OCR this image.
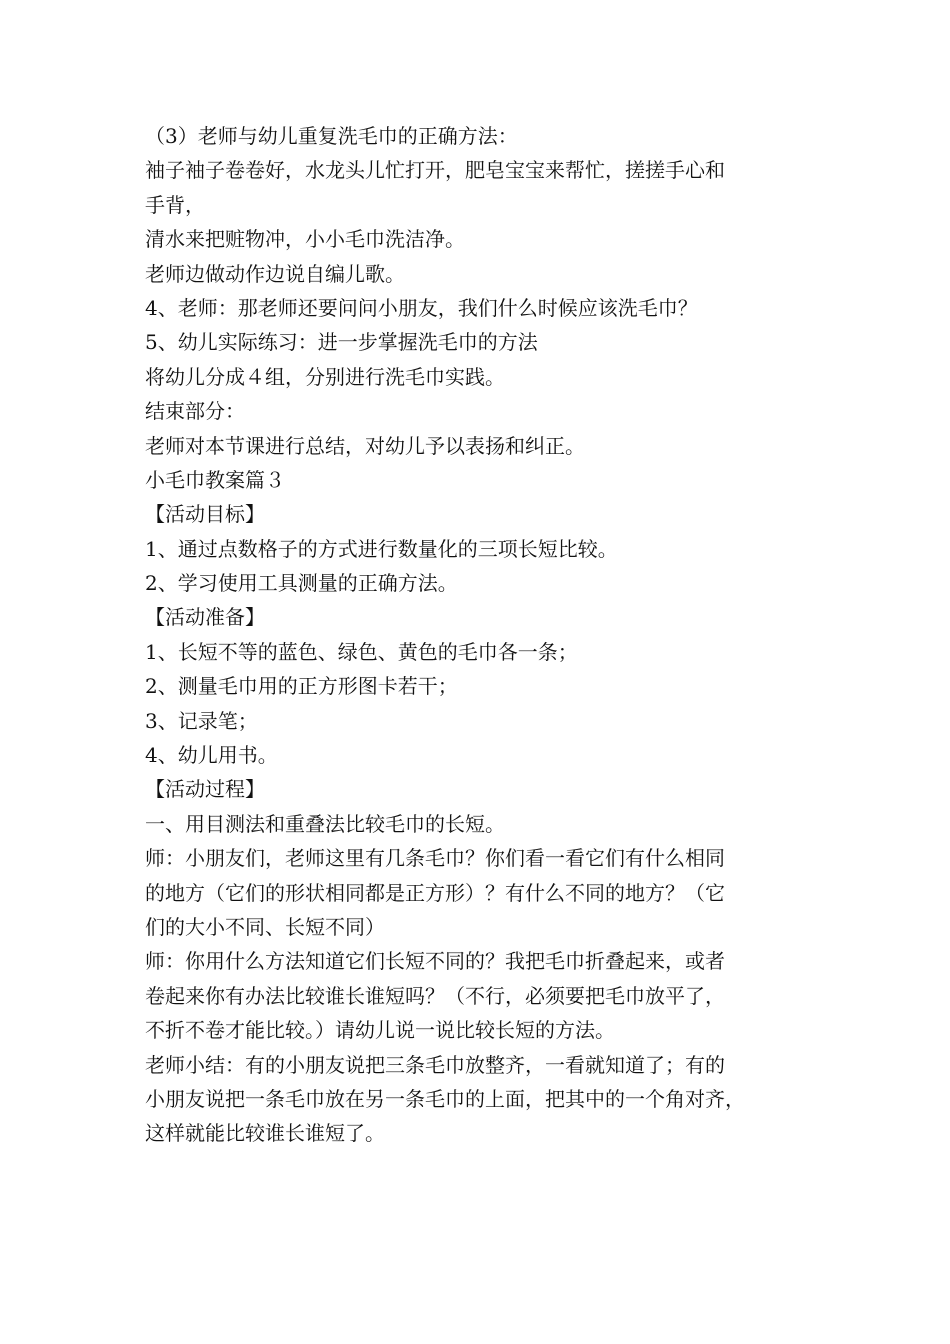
（3）老师与幼儿重复洗毛巾的正确方法：

袖子袖子卷卷好，水龙头儿忙打开，肥皂宝宝来帮忙，搓搓手心和

手背，

清水来把赃物冲，小小毛巾洗洁净。

老师边做动作边说自编儿歌。

4、老师：那老师还要问问小朋友，我们什么时候应该洗毛巾？

5、幼儿实际练习：进一步掌握洗毛巾的方法

将幼儿分成４组，分别进行洗毛巾实践。

结束部分：

老师对本节课进行总结，对幼儿予以表扬和纠正。

小毛巾教案篇３

【活动目标】

1、通过点数格子的方式进行数量化的三项长短比较。

2、学习使用工具测量的正确方法。

【活动准备】

1、长短不等的蓝色、绿色、黄色的毛巾各一条；

2、测量毛巾用的正方形图卡若干；

3、记录笔；

4、幼儿用书。

【活动过程】

一、用目测法和重叠法比较毛巾的长短。

师：小朋友们，老师这里有几条毛巾？你们看一看它们有什么相同

的地方（它们的形状相同都是正方形）？有什么不同的地方？（它

们的大小不同、长短不同）

师：你用什么方法知道它们长短不同的？我把毛巾折叠起来，或者

卷起来你有办法比较谁长谁短吗？（不行，必须要把毛巾放平了，

不折不卷才能比较。）请幼儿说一说比较长短的方法。

老师小结：有的小朋友说把三条毛巾放整齐，一看就知道了；有的

小朋友说把一条毛巾放在另一条毛巾的上面，把其中的一个角对齐，

这样就能比较谁长谁短了。
